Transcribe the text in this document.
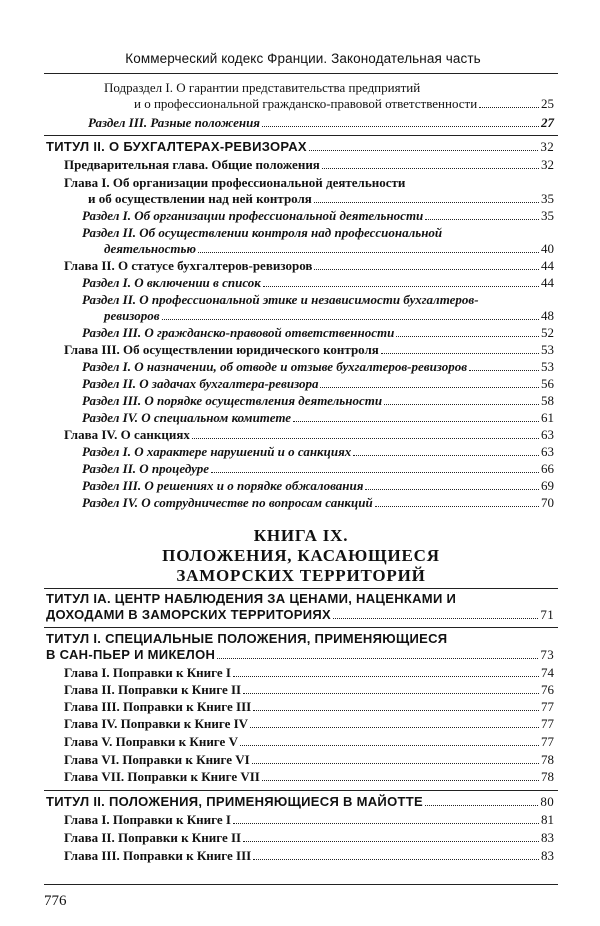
Коммерческий кодекс Франции. Законодательная часть
Подраздел I. О гарантии представительства предприятий
и о профессиональной гражданско-правовой ответственности	25
Раздел III. Разные положения	27
ТИТУЛ II. О БУХГАЛТЕРАХ-РЕВИЗОРАХ	32
Предварительная глава. Общие положения	32
Глава I. Об организации профессиональной деятельности
и об осуществлении над ней контроля	35
Раздел I. Об организации профессиональной деятельности	35
Раздел II. Об осуществлении контроля над профессиональной
деятельностью	40
Глава II. О статусе бухгалтеров-ревизоров	44
Раздел I. О включении в список	44
Раздел II. О профессиональной этике и независимости бухгалтеров-
ревизоров	48
Раздел III. О гражданско-правовой ответственности	52
Глава III. Об осуществлении юридического контроля	53
Раздел I. О назначении, об отводе и отзыве бухгалтеров-ревизоров	53
Раздел II. О задачах бухгалтера-ревизора	56
Раздел III. О порядке осуществления деятельности	58
Раздел IV. О специальном комитете	61
Глава IV. О санкциях	63
Раздел I. О характере нарушений и о санкциях	63
Раздел II. О процедуре	66
Раздел III. О решениях и о порядке обжалования	69
Раздел IV. О сотрудничестве по вопросам санкций	70
КНИГА IX.
ПОЛОЖЕНИЯ, КАСАЮЩИЕСЯ
ЗАМОРСКИХ ТЕРРИТОРИЙ
ТИТУЛ IA. ЦЕНТР НАБЛЮДЕНИЯ ЗА ЦЕНАМИ, НАЦЕНКАМИ И
ДОХОДАМИ В ЗАМОРСКИХ ТЕРРИТОРИЯХ	71
ТИТУЛ I. СПЕЦИАЛЬНЫЕ ПОЛОЖЕНИЯ, ПРИМЕНЯЮЩИЕСЯ
В САН-ПЬЕР И МИКЕЛОН	73
Глава I. Поправки к Книге I	74
Глава II. Поправки к Книге II	76
Глава III. Поправки к Книге III	77
Глава IV. Поправки к Книге IV	77
Глава V. Поправки к Книге V	77
Глава VI. Поправки к Книге VI	78
Глава VII. Поправки к Книге VII	78
ТИТУЛ II. ПОЛОЖЕНИЯ, ПРИМЕНЯЮЩИЕСЯ В МАЙОТТЕ	80
Глава I. Поправки к Книге I	81
Глава II. Поправки к Книге II	83
Глава III. Поправки к Книге III	83
776
